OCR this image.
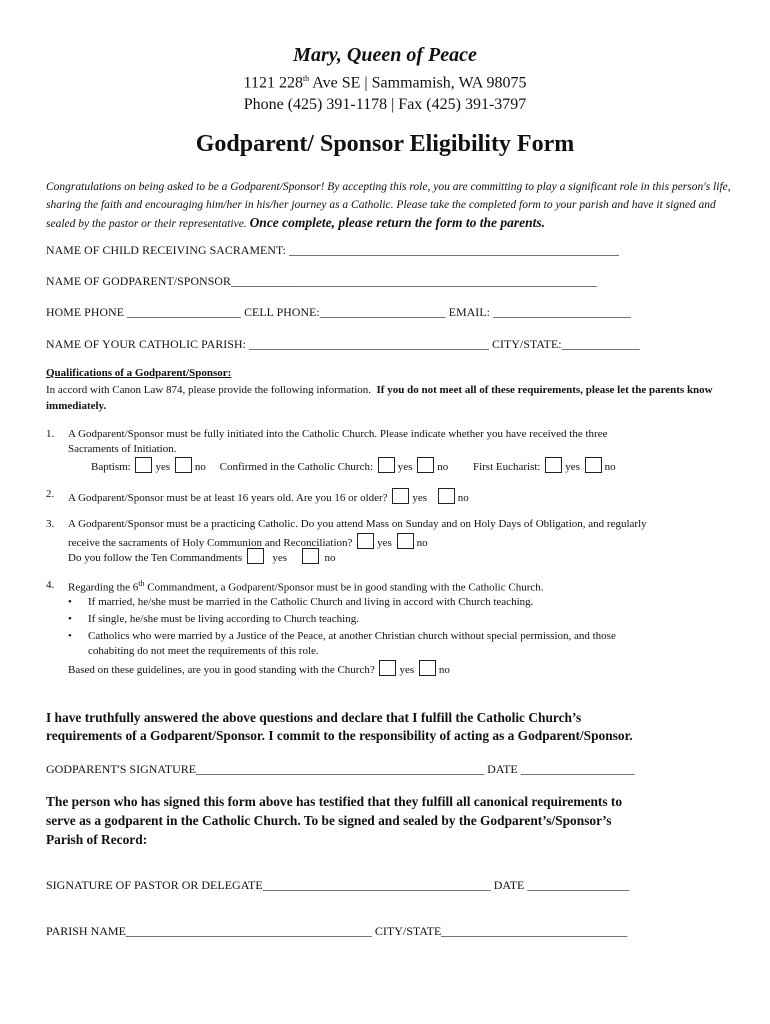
Mary, Queen of Peace
1121 228th Ave SE | Sammamish, WA 98075
Phone (425) 391-1178 | Fax (425) 391-3797
Godparent/ Sponsor Eligibility Form
Congratulations on being asked to be a Godparent/Sponsor! By accepting this role, you are committing to play a significant role in this person's life, sharing the faith and encouraging him/her in his/her journey as a Catholic. Please take the completed form to your parish and have it signed and sealed by the pastor or their representative. Once complete, please return the form to the parents.
NAME OF CHILD RECEIVING SACRAMENT: _______________________________________________________
NAME OF GODPARENT/SPONSOR_____________________________________________________________
HOME PHONE ___________________ CELL PHONE:_____________________ EMAIL: _______________________
NAME OF YOUR CATHOLIC PARISH: ________________________________________ CITY/STATE:_____________
Qualifications of a Godparent/Sponsor:
In accord with Canon Law 874, please provide the following information. If you do not meet all of these requirements, please let the parents know immediately.
1. A Godparent/Sponsor must be fully initiated into the Catholic Church. Please indicate whether you have received the three
Sacraments of Initiation.
Baptism: yes no Confirmed in the Catholic Church: yes no First Eucharist: yes no
2. A Godparent/Sponsor must be at least 16 years old. Are you 16 or older? yes	no
3. A Godparent/Sponsor must be a practicing Catholic. Do you attend Mass on Sunday and on Holy Days of Obligation, and regularly
receive the sacraments of Holy Communion and Reconciliation? yes no
Do you follow the Ten Commandments	yes	no
4. Regarding the 6th Commandment, a Godparent/Sponsor must be in good standing with the Catholic Church.
• If married, he/she must be married in the Catholic Church and living in accord with Church teaching.
• If single, he/she must be living according to Church teaching.
• Catholics who were married by a Justice of the Peace, at another Christian church without special permission, and those
cohabiting do not meet the requirements of this role.
Based on these guidelines, are you in good standing with the Church? yes no
I have truthfully answered the above questions and declare that I fulfill the Catholic Church’s
requirements of a Godparent/Sponsor. I commit to the responsibility of acting as a Godparent/Sponsor.
GODPARENT'S SIGNATURE________________________________________________ DATE ___________________
The person who has signed this form above has testified that they fulfill all canonical requirements to
serve as a godparent in the Catholic Church. To be signed and sealed by the Godparent’s/Sponsor’s
Parish of Record:
SIGNATURE OF PASTOR OR DELEGATE______________________________________ DATE _________________
PARISH NAME_________________________________________ CITY/STATE_______________________________
